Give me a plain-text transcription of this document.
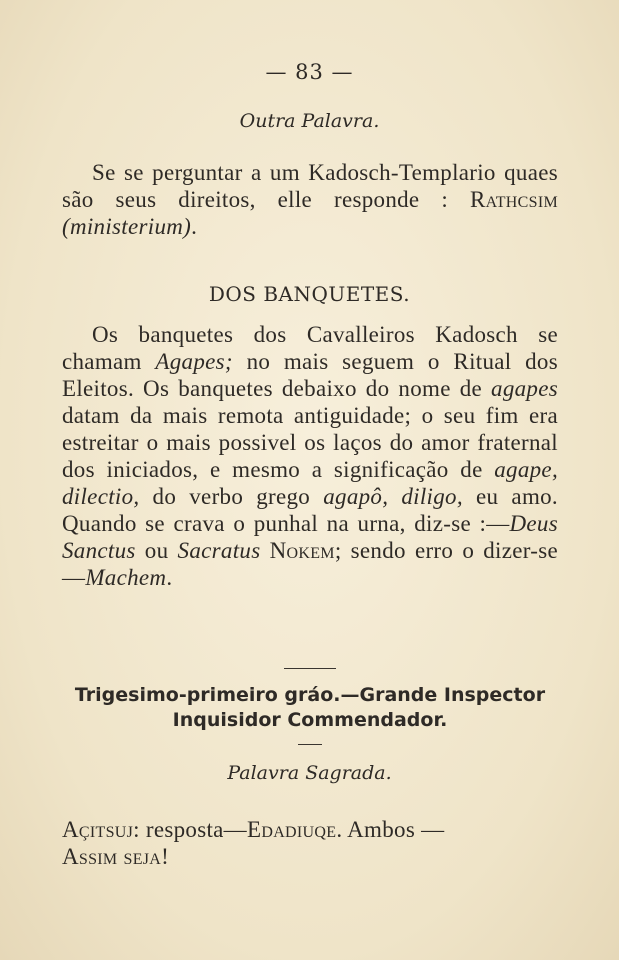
— 83 —
Outra Palavra.

Se se perguntar a um Kadosch-Templario quaes são seus direitos, elle responde : Rathcsim (ministerium).

DOS BANQUETES.

Os banquetes dos Cavalleiros Kadosch se chamam Agapes; no mais seguem o Ritual dos Eleitos. Os banquetes debaixo do nome de agapes datam da mais remota antiguidade; o seu fim era estreitar o mais possivel os laços do amor fraternal dos iniciados, e mesmo a significação de agape, dilectio, do verbo grego agapô, diligo, eu amo. Quando se crava o punhal na urna, diz-se :—Deus Sanctus ou Sacratus Nokem; sendo erro o dizer-se—Machem.

Trigesimo-primeiro gráo.—Grande Inspector
Inquisidor Commendador.
Palavra Sagrada.

Açitsuj: resposta—Edadiuqe. Ambos —
Assim seja!
